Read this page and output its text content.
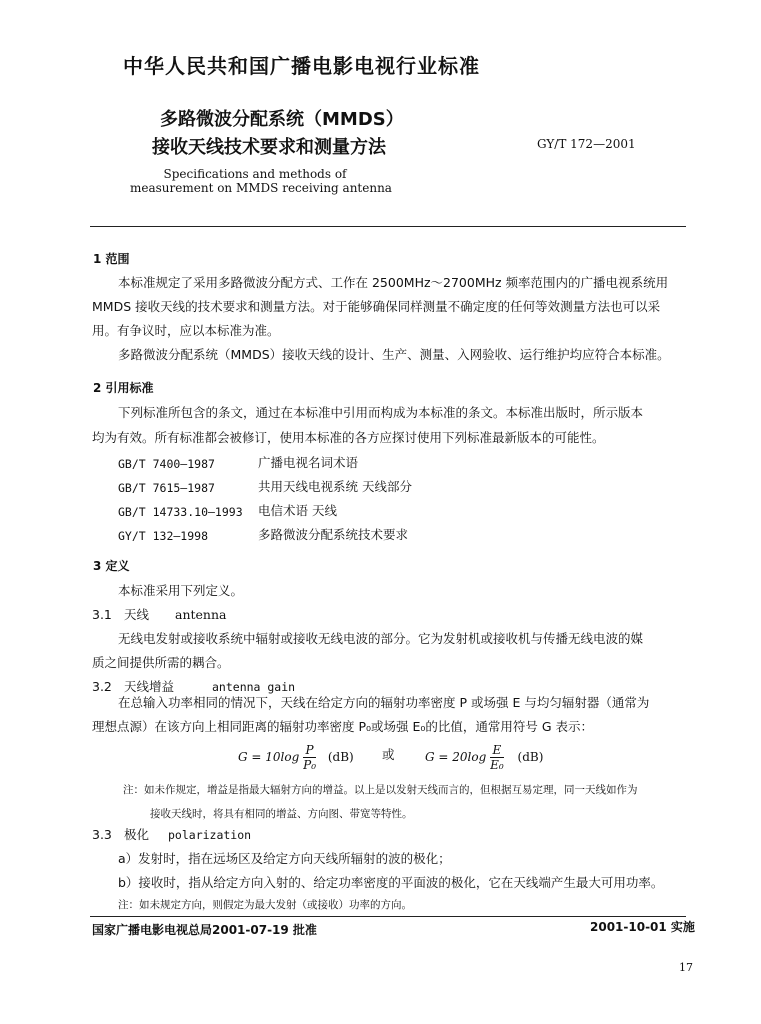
中华人民共和国广播电影电视行业标准
多路微波分配系统（MMDS）
接收天线技术要求和测量方法	GY/T 172—2001
Specifications and methods of
measurement on MMDS receiving antenna
1 范围
本标准规定了采用多路微波分配方式、工作在 2500MHz～2700MHz 频率范围内的广播电视系统用
MMDS 接收天线的技术要求和测量方法。对于能够确保同样测量不确定度的任何等效测量方法也可以采
用。有争议时，应以本标准为准。
多路微波分配系统（MMDS）接收天线的设计、生产、测量、入网验收、运行维护均应符合本标准。
2 引用标准
下列标准所包含的条文，通过在本标准中引用而构成为本标准的条文。本标准出版时，所示版本
均为有效。所有标准都会被修订，使用本标准的各方应探讨使用下列标准最新版本的可能性。
GB/T 7400—1987	广播电视名词术语
GB/T 7615—1987	共用天线电视系统 天线部分
GB/T 14733.10—1993 电信术语 天线
GY/T 132—1998	多路微波分配系统技术要求
3 定义
本标准采用下列定义。
3.1 天线 antenna
无线电发射或接收系统中辐射或接收无线电波的部分。它为发射机或接收机与传播无线电波的媒
质之间提供所需的耦合。
3.2 天线增益	antenna gain
在总输入功率相同的情况下，天线在给定方向的辐射功率密度 P 或场强 E 与均匀辐射器（通常为
理想点源）在该方向上相同距离的辐射功率密度 P₀或场强 E₀的比值，通常用符号 G 表示：
$G = 10\log \frac{P}{\text{P₀}} (dB)$ 或	$G = 20\log \frac{E}{\text{E₀}} (dB)$
注：如未作规定，增益是指最大辐射方向的增益。以上是以发射天线而言的，但根据互易定理，同一天线如作为
接收天线时，将具有相同的增益、方向图、带宽等特性。
3.3 极化 polarization
a）发射时，指在远场区及给定方向天线所辐射的波的极化；
b）接收时，指从给定方向入射的、给定功率密度的平面波的极化，它在天线端产生最大可用功率。
注：如未规定方向，则假定为最大发射（或接收）功率的方向。
国家广播电影电视总局2001-07-19 批准	2001-10-01 实施
17
